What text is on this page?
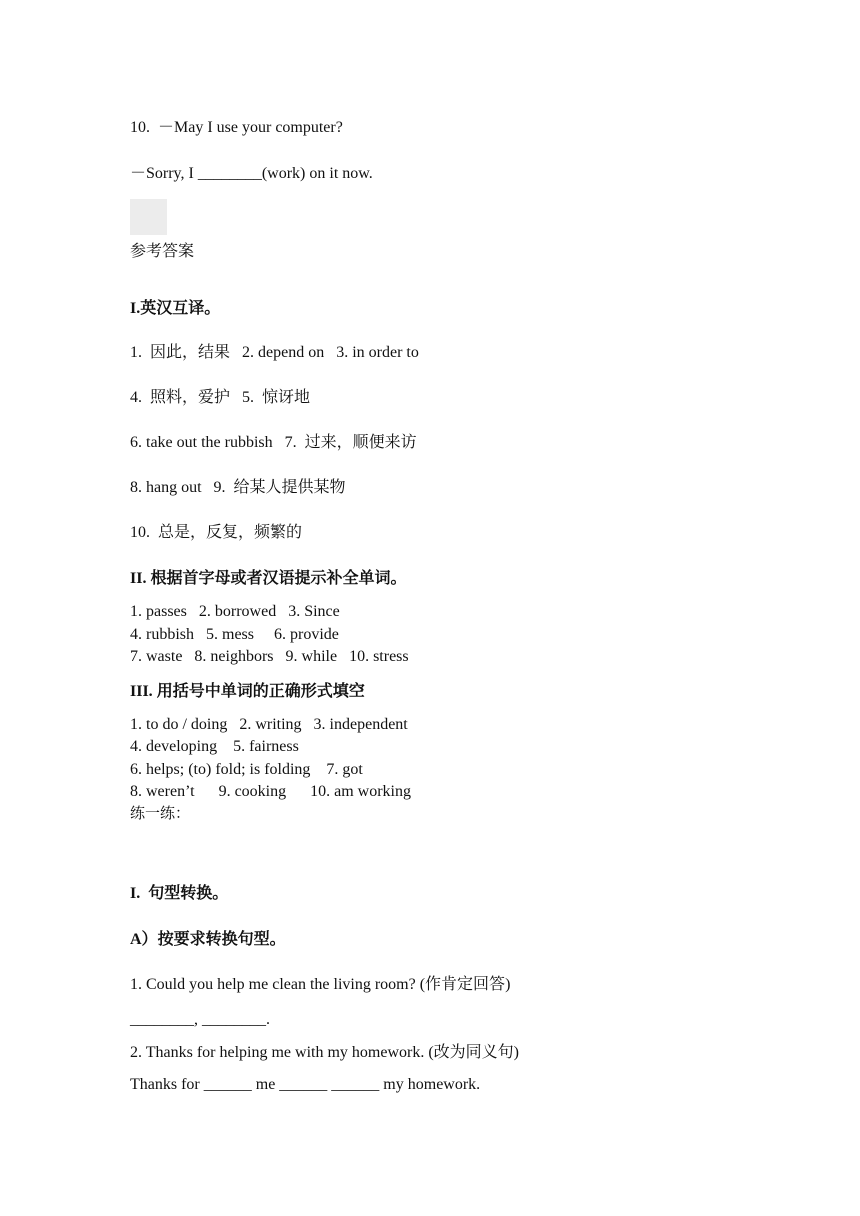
10.  －May I use your computer?
－Sorry, I ________(work) on it now.
参考答案
I.英汉互译。
1.  因此，结果   2. depend on   3. in order to
4.  照料，爱护   5.  惊讶地
6. take out the rubbish   7.  过来，顺便来访
8. hang out   9.  给某人提供某物
10.  总是，反复，频繁的
II. 根据首字母或者汉语提示补全单词。
1. passes   2. borrowed   3. Since
4. rubbish   5. mess     6. provide
7. waste   8. neighbors   9. while   10. stress
III. 用括号中单词的正确形式填空
1. to do / doing   2. writing   3. independent
4. developing    5. fairness
6. helps; (to) fold; is folding    7. got
8. weren’t      9. cooking      10. am working
练一练：
I. 句型转换。
A）按要求转换句型。
1. Could you help me clean the living room? (作肯定回答)
________, ________.
2. Thanks for helping me with my homework. (改为同义句)
Thanks for ______ me ______ ______ my homework.
